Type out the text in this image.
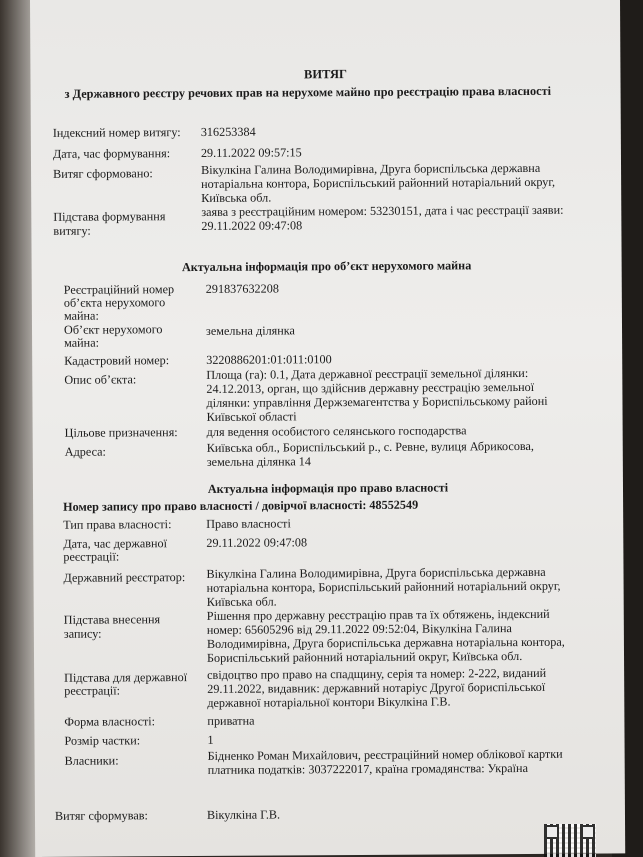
ВИТЯГ
з Державного реєстру речових прав на нерухоме майно про реєстрацію права власності
Індексний номер витягу: 316253384
Дата, час формування:	29.11.2022 09:57:15
Витяг сформовано:	Вікулкіна Галина Володимирівна, Друга бориспільська державна
нотаріальна контора, Бориспільський районний нотаріальний округ,
Київська обл.
Підстава формування
витягу:
заява з реєстраційним номером: 53230151, дата і час реєстрації заяви:
29.11.2022 09:47:08
Актуальна інформація про об’єкт нерухомого майна
Реєстраційний номер
об’єкта нерухомого
майна:
291837632208
Об’єкт нерухомого
майна:
земельна ділянка
Кадастровий номер:	3220886201:01:011:0100
Опис об’єкта:	Площа (га): 0.1, Дата державної реєстрації земельної ділянки:
24.12.2013, орган, що здійснив державну реєстрацію земельної
ділянки: управління Держземагентства у Бориспільському районі
Київської області
Цільове призначення: для ведення особистого селянського господарства
Адреса:	Київська обл., Бориспільський р., с. Ревне, вулиця Абрикосова,
земельна ділянка 14
Актуальна інформація про право власності
Номер запису про право власності / довірчої власності: 48552549
Тип права власності:	Право власності
Дата, час державної
реєстрації:
29.11.2022 09:47:08
Державний реєстратор: Вікулкіна Галина Володимирівна, Друга бориспільська державна
нотаріальна контора, Бориспільський районний нотаріальний округ,
Київська обл.
Підстава внесення
запису:
Рішення про державну реєстрацію прав та їх обтяжень, індексний
номер: 65605296 від 29.11.2022 09:52:04, Вікулкіна Галина
Володимирівна, Друга бориспільська державна нотаріальна контора,
Бориспільський районний нотаріальний округ, Київська обл.
Підстава для державної
реєстрації:
свідоцтво про право на спадщину, серія та номер: 2-222, виданий
29.11.2022, видавник: державний нотаріус Другої бориспільської
державної нотаріальної контори Вікулкіна Г.В.
Форма власності:	приватна
Розмір частки:	1
Власники:	Бідненко Роман Михайлович, реєстраційний номер облікової картки
платника податків: 3037222017, країна громадянства: Україна
Витяг сформував:	Вікулкіна Г.В.
